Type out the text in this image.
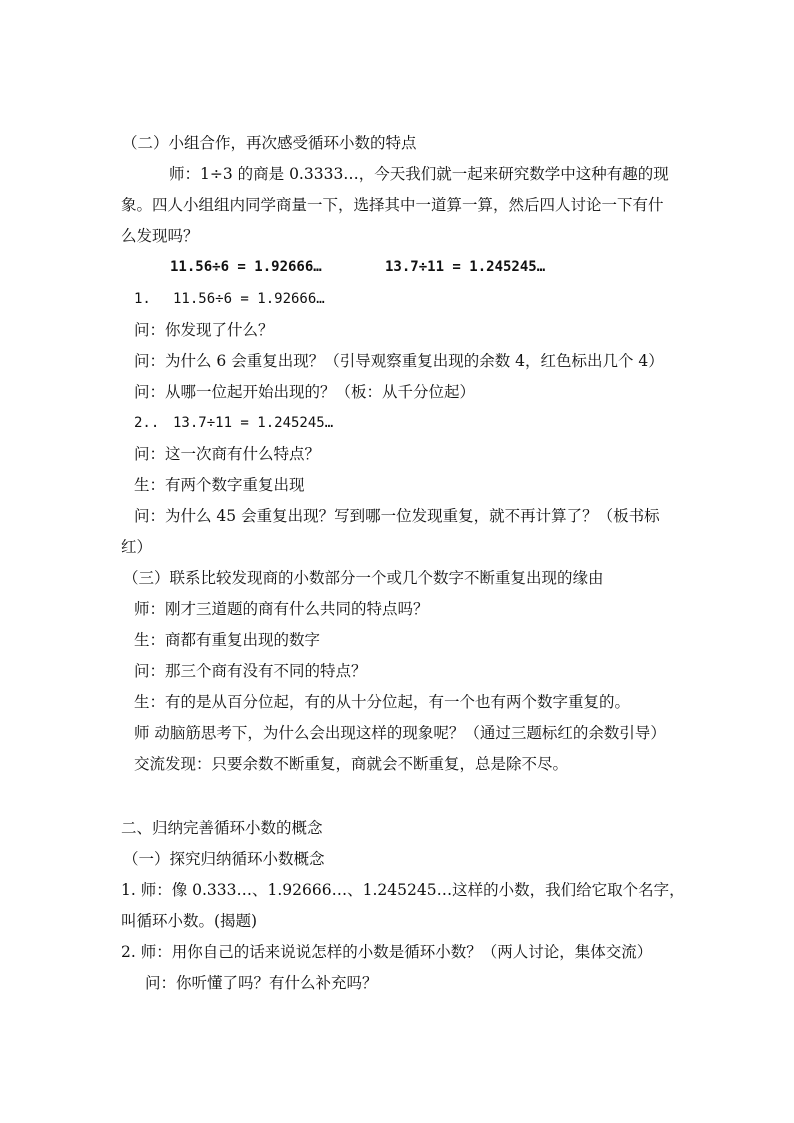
（二）小组合作，再次感受循环小数的特点
师：1÷3 的商是 0.3333…，今天我们就一起来研究数学中这种有趣的现
象。四人小组组内同学商量一下，选择其中一道算一算，然后四人讨论一下有什
么发现吗？
11.56÷6 = 1.92666…	13.7÷11 = 1.245245…
1. 11.56÷6 = 1.92666…
问：你发现了什么？
问：为什么 6 会重复出现？（引导观察重复出现的余数 4，红色标出几个 4）
问：从哪一位起开始出现的？（板：从千分位起）
2.. 13.7÷11 = 1.245245…
问：这一次商有什么特点？
生：有两个数字重复出现
问：为什么 45 会重复出现？写到哪一位发现重复，就不再计算了？（板书标
红）
（三）联系比较发现商的小数部分一个或几个数字不断重复出现的缘由
师：刚才三道题的商有什么共同的特点吗？
生：商都有重复出现的数字
问：那三个商有没有不同的特点？
生：有的是从百分位起，有的从十分位起，有一个也有两个数字重复的。
师 动脑筋思考下，为什么会出现这样的现象呢？（通过三题标红的余数引导）
交流发现：只要余数不断重复，商就会不断重复，总是除不尽。
二、归纳完善循环小数的概念
（一）探究归纳循环小数概念
1. 师：像 0.333…、1.92666…、1.245245…这样的小数，我们给它取个名字，
叫循环小数。(揭题)
2. 师：用你自己的话来说说怎样的小数是循环小数？（两人讨论，集体交流）
问：你听懂了吗？有什么补充吗？
